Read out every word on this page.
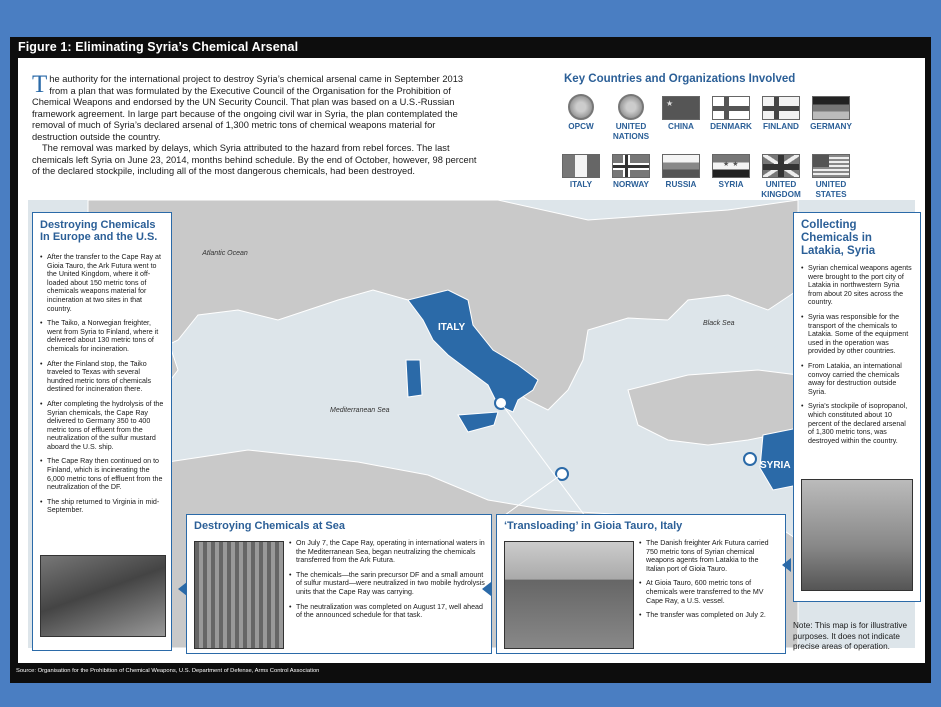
Figure 1: Eliminating Syria’s Chemical Arsenal

The authority for the international project to destroy Syria’s chemical arsenal came in September 2013 from a plan that was formulated by the Executive Council of the Organisation for the Prohibition of Chemical Weapons and endorsed by the UN Security Council. That plan was based on a U.S.-Russian framework agreement. In large part because of the ongoing civil war in Syria, the plan contemplated the removal of much of Syria’s declared arsenal of 1,300 metric tons of chemical weapons material for destruction outside the country.

The removal was marked by delays, which Syria attributed to the hazard from rebel forces. The last chemicals left Syria on June 23, 2014, months behind schedule. By the end of October, however, 98 percent of the declared stockpile, including all of the most dangerous chemicals, had been destroyed.

Key Countries and Organizations Involved
OPCW	UNITED NATIONS
★
CHINA	DENMARK	FINLAND	GERMANY
ITALY	NORWAY	RUSSIA
★★
SYRIA	UNITED KINGDOM
UNITED STATES
Atlantic Ocean
Mediterranean Sea
Black Sea
ITALY
SYRIA
Destroying Chemicals In Europe and the U.S.
• After the transfer to the Cape Ray at Gioia Tauro, the Ark Futura went to the United Kingdom, where it off-loaded about 150 metric tons of chemicals weapons material for incineration at two sites in that country.
• The Taiko, a Norwegian freighter, went from Syria to Finland, where it delivered about 130 metric tons of chemicals for incineration.
• After the Finland stop, the Taiko traveled to Texas with several hundred metric tons of chemicals destined for incineration there.
• After completing the hydrolysis of the Syrian chemicals, the Cape Ray delivered to Germany 350 to 400 metric tons of effluent from the neutralization of the sulfur mustard aboard the U.S. ship.
• The Cape Ray then continued on to Finland, which is incinerating the 6,000 metric tons of effluent from the neutralization of the DF.
• The ship returned to Virginia in mid-September.
Collecting Chemicals in Latakia, Syria
• Syrian chemical weapons agents were brought to the port city of Latakia in northwestern Syria from about 20 sites across the country.
• Syria was responsible for the transport of the chemicals to Latakia. Some of the equipment used in the operation was provided by other countries.
• From Latakia, an international convoy carried the chemicals away for destruction outside Syria.
• Syria’s stockpile of isopropanol, which constituted about 10 percent of the declared arsenal of 1,300 metric tons, was destroyed within the country.
Destroying Chemicals at Sea
• On July 7, the Cape Ray, operating in international waters in the Mediterranean Sea, began neutralizing the chemicals transferred from the Ark Futura.
• The chemicals—the sarin precursor DF and a small amount of sulfur mustard—were neutralized in two mobile hydrolysis units that the Cape Ray was carrying.
• The neutralization was completed on August 17, well ahead of the announced schedule for that task.
‘Transloading’ in Gioia Tauro, Italy
• The Danish freighter Ark Futura carried 750 metric tons of Syrian chemical weapons agents from Latakia to the Italian port of Gioia Tauro.
• At Gioia Tauro, 600 metric tons of chemicals were transferred to the MV Cape Ray, a U.S. vessel.
• The transfer was completed on July 2.
Note: This map is for illustrative purposes. It does not indicate precise areas of operation.
Source: Organisation for the Prohibition of Chemical Weapons, U.S. Department of Defense, Arms Control Association
